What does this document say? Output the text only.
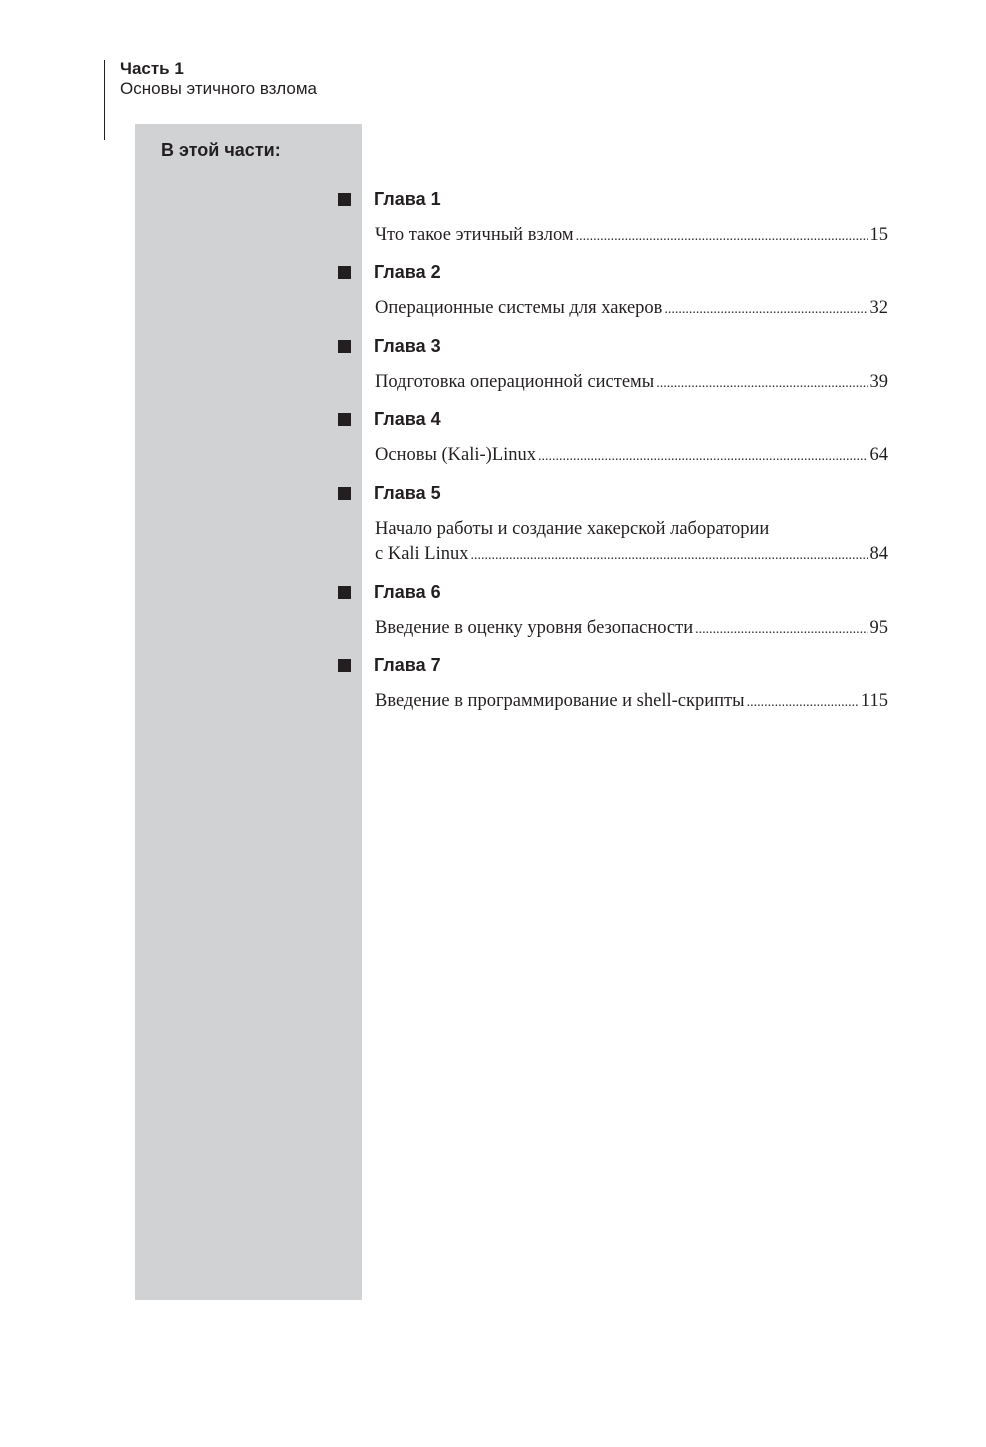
Часть 1
Основы этичного взлома
В этой части:
Глава 1
Что такое этичный взлом .....	15
Глава 2
Операционные системы для хакеров .....	32
Глава 3
Подготовка операционной системы .....	39
Глава 4
Основы (Kali-)Linux .....	64
Глава 5
Начало работы и создание хакерской лаборатории
с Kali Linux .....	84
Глава 6
Введение в оценку уровня безопасности .....	95
Глава 7
Введение в программирование и shell-скрипты .....	115
